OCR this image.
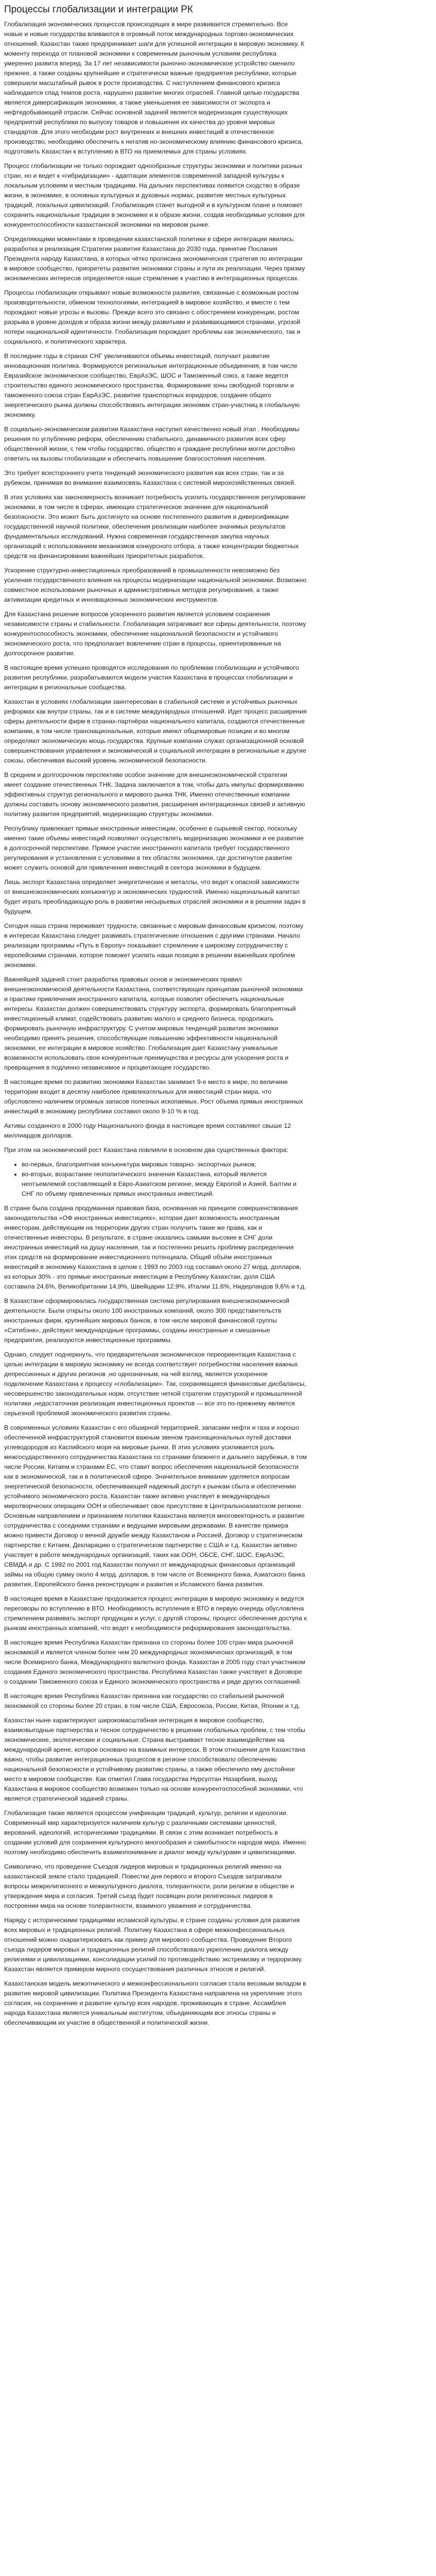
Процессы глобализации и интеграции РК

Глобализация экономических процессов происходящих в мире развивается стремительно. Все новые и новые государства вливаются в огромный поток международных торгово-экономических отношений. Казахстан также предпринимает шаги для успешной интеграции в мировую экономику. К моменту перехода от плановой экономики к современным рыночным условиям республика умеренно развита вперед. За 17 лет независимости рыночно-экономическое устройство сменило прежнее, а также созданы крупнейшие и стратегически важные предприятия республики, которые совершили масштабный рывок в росте производства. С наступлением финансового кризиса наблюдается спад темпов роста, нарушено развитие многих отраслей. Главной целью государства является диверсификация экономики, а также уменьшения ее зависимости от экспорта и нефтедобывающей отрасли. Сейчас основной задачей является модернизация существующих предприятий республики по выпуску товаров и повышения их качества до уровня мировых стандартов. Для этого необходим рост внутренних и внешних инвестиций в отечественное производство, необходимо обеспечить к негатив но-экономическому влиянию финансового кризиса, подготовить Казахстан к вступлению в ВТО на приемлемых для страны условиях.

Процесс глобализации не только порождает однообразные структуры экономики и политики разных стран, но и ведет к «гибридизации» - адаптации элементов современной западной культуры к локальным условиям и местным традициям. На дальних перспективах появится сходство в образе жизни, в экономике, в основных культурных и духовных нормах, развитие местных культурных традиций, локальных цивилизаций. Глобализация станет выгодной и в культурном плане и поможет сохранить национальные традиции в экономике и в образе жизни, создав необходимые условия для конкурентоспособности казахстанской экономики на мировом рынке.

Определяющими моментами в проведении казахстанской политики в сфере интеграции явились: разработка и реализация Стратегии развития Казахстана до 2030 года, принятие Послания Президента народу Казахстана, в которых чётко прописана экономическая стратегия по интеграции в мировое сообщество, приоритеты развития экономики страны и пути их реализации. Через призму экономических интересов определяется наше стремление к участию в интеграционных процессах.

Процессы глобализации открывают новые возможности развития, связанные с возможным ростом производительности, обменом технологиями, интеграцией в мировое хозяйство, и вместе с тем порождают новые угрозы и вызовы. Прежде всего это связано с обострением конкуренции, ростом разрыва в уровне доходов и образа жизни между развитыми и развивающимися странами, угрозой потери национальной идентичности. Глобализация порождает проблемы как экономического, так и социального, и политического характера.

В последние годы в странах СНГ увеличиваются объемы инвестиций, получает развитие инновационная политика. Формируются региональные интеграционные объединения, в том числе Евразийское экономическое сообщество, ЕврАзЭС, ШОС и Таможенный союз, а также ведется строительство единого экономического пространства. Формирование зоны свободной торговли и таможенного союза стран ЕврАзЭС, развитие транспортных коридоров, создание общего энергетического рынка должны способствовать интеграции экономик стран-участниц в глобальную экономику.

В социально-экономическом развитии Казахстана наступил качественно новый этап . Необходимы решения по углублению реформ, обеспечению стабильного, динамичного развития всех сфер общественной жизни, с тем чтобы государство, общество и граждане республики могли достойно ответить на вызовы глобализации и обеспечить повышение благосостояния населения.

Это требует всестороннего учета тенденций экономического развития как всех стран, так и за рубежом, принимая во внимание взаимосвязь Казахстана с системой мирохозяйственных связей.

В этих условиях как закономерность возникает потребность усилить государственное регулирование экономики, в том числе в сферах, имеющих стратегическое значение для национальной безопасности. Это может быть достигнуто на основе постепенного развития и диверсификации государственной научной политики, обеспечения реализации наиболее значимых результатов фундаментальных исследований. Нужна современная государственная закупка научных организаций с использованием механизмов конкурсного отбора, а также концентрации бюджетных средств на финансировании важнейших приоритетных разработок.

Ускорение структурно-инвестиционных преобразований в промышленности невозможно без усиления государственного влияния на процессы модернизации национальной экономики. Возможно совместное использование рыночных и административных методов регулирования, а также активизации кредитных и инновационных экономических инструментов.

Для Казахстана решение вопросов ускоренного развития является условием сохранения независимости страны и стабильности. Глобализация затрагивает все сферы деятельности, поэтому конкурентоспособность экономики, обеспечение национальной безопасности и устойчивого экономического роста, что предполагает вовлечение стран в процессы, ориентированные на долгосрочное развитие.

В настоящее время успешно проводятся исследования по проблемам глобализации и устойчивого развития республики, разрабатываются модели участия Казахстана в процессах глобализации и интеграции в региональные сообщества.

Казахстан в условиях глобализации заинтересован в стабильной системе и устойчивых рыночных реформах как внутри страны, так и в системе международных отношений. Идет процесс расширения сферы деятельности фирм в странах-партнёрах национального капитала, создаются отечественные компании, в том числе транснациональные, которые имеют общемировые позиции и во многом определяют экономическую мощь государства. Крупные компании служат организационной основой совершенствования управления и экономической и социальной интеграции в региональные и другие союзы, обеспечивая высокий уровень экономической безопасности.

В среднем и долгосрочном перспективе особое значение для внешнеэкономической стратегии имеет создание отечественных ТНК. Задача заключается в том, чтобы дать импульс формированию эффективных структур регионального и мирового рынка ТНК. Именно отечественные компании должны составить основу экономического развития, расширения интеграционных связей и активную политику развития предприятий, модернизацию структуры экономики.

Республику привлекает прямые иностранные инвестиции, особенно в сырьевой сектор, поскольку именно такие объемы инвестиций позволяют осуществлять модернизацию экономики и ее развитие в долгосрочной перспективе. Прямое участие иностранного капитала требует государственного регулирования и установления с условиями в тех областях экономики, где достигнутое развитие может служить основой для привлечения инвестиций в сектора экономики в будущем.

Лишь экспорт Казахстана определяет энергетические и металлы, что ведет к опасной зависимости от внешнеэкономических конъюнктур и экономических трудностей. Именно национальный капитал будет играть преобладающую роль в развитии несырьевых отраслей экономики и в решении задач в будущем.

Сегодня наша страна переживает трудности, связанные с мировым финансовым кризисом, поэтому в интересах Казахстана следует развивать стратегические отношения с другими странами. Начало реализации программы «Путь в Европу» показывает стремление к широкому сотрудничеству с европейскими странами, которое поможет усилить наши позиции в решении важнейших проблем экономики.

Важнейшей задачей стоит разработка правовых основ и экономических правил внешнеэкономической деятельности Казахстана, соответствующих принципам рыночной экономики и практике привлечения иностранного капитала, которые позволят обеспечить национальные интересы. Казахстан должен совершенствовать структуру экспорта, формировать благоприятный инвестиционный климат, содействовать развитию малого и среднего бизнеса, продолжать формировать рыночную инфраструктуру. С учетом мировых тенденций развития экономики необходимо принять решения, способствующие повышению эффективности национальной экономики, ее интеграции в мировое хозяйство. Глобализация дает Казахстану уникальные возможности использовать свои конкурентные преимущества и ресурсы для ускорения роста и превращения в подлинно независимое и процветающее государство.

В настоящее время по развитию экономики Казахстан занимает 9-е место в мире, по величине территории входит в десятку наиболее привлекательных для инвестиций стран мира, что обусловлено наличием огромных запасов полезных ископаемых. Рост объема прямых иностранных инвестиций в экономику республики составил около 9-10 % в год.

Активы созданного в 2000 году Национального фонда в настоящее время составляют свыше 12 миллиардов долларов.

При этом на экономический рост Казахстана повлияли в основном два существенных фактора:

• во-первых, благоприятная конъюнктура мировых товарно- экспортных рынков;
• во-вторых, возрастание геополитического значения Казахстана, который является неотъемлемой составляющей в Евро-Азиатском регионе, между Европой и Азией, Балтии и СНГ по объему привлеченных прямых иностранных инвестиций.

В стране была создана продуманная правовая база, основанная на принципе совершенствования законодательства «ОФ иностранных инвестициях», которая дает возможность иностранным инвесторам, действующим на территории других стран получить такие же права, как и отечественные инвесторы. В результате, в стране оказались самыми высокие в СНГ доли иностранных инвестиций на душу населения, так и постепенно решить проблему распределения этих средств на формирование инвестиционного потенциала. Общий объём иностранных инвестиций в экономику Казахстана в целом с 1993 по 2003 год составил около 27 млрд. долларов, из которых 30% - это прямые иностранные инвестиции в Республику Казахстан, доля США составила 24,6%, Великобритании 14,9%, Швейцарии 12,9%, Италии 11,6%, Нидерландов 9,6% и т.д.

В Казахстане сформировалась государственная система регулирования внешнеэкономической деятельности. Были открыты около 100 иностранных компаний, около 300 представительств иностранных фирм, крупнейших мировых банков, в том числе мировой финансовой группы «Ситибэнк», действуют международные программы, созданы иностранные и смешанные предприятия, реализуются инвестиционные программы.

Однако, следует подчеркнуть, что предварительная экономическое переориентация Казахстана с целью интеграции в мировую экономику не всегда соответствует потребностям населения важных депрессионных и других регионов ,но однозначным, на чей взгляд, является ускоренное подключение Казахстана к процессу «глобализации». Так, сохраняющиеся финансовые дисбалансы, несовершенство законодательных норм, отсутствие четкой стратегии структурной и промышленной политики ,недостаточная реализация инвестиционных проектов — все это по-прежнему является серьезной проблемой экономического развития страны.

В современных условиях Казахстан с его обширной территорией, запасами нефти и газа и хорошо обеспеченной инфраструктурой становится важным звеном транснациональных путей доставки углеводородов из Каспийского моря на мировые рынки. В этих условиях усиливается роль межгосударственного сотрудничества Казахстана со странами ближнего и дальнего зарубежья, в том числе России, Китаем и странами ЕС, что ставит вопрос обеспечения национальной безопасности как в экономической, так и в политической сфере. Значительное внимание уделяется вопросам энергетической безопасности, обеспечивающей надежный доступ к рынкам сбыта и обеспечению устойчивого экономического роста. Казахстан также активно участвует в международных миротворческих операциях ООН и обеспечивает свое присутствие в Центральноазиатском регионе. Основным направлением и признанием политики Казахстана является многовекторность и развитие сотрудничества с соседними странами и ведущими мировыми державами. В качестве примера можно привести Договор о вечной дружбе между Казахстаном и Россией, Договор о стратегическом партнерстве с Китаем, Декларацию о стратегическом партнерстве с США и т.д. Казахстан активно участвует в работе международных организаций, таких как ООН, ОБСЕ, СНГ, ШОС, ЕврАзЭС, СВМДА и др. С 1992 по 2001 год Казахстан получил от международных финансовых организаций займы на общую сумму около 4 млрд. долларов, в том числе от Всемирного банка, Азиатского банка развития, Европейского банка реконструкции и развития и Исламского банка развития.

В настоящее время в Казахстане продолжается процесс интеграции в мировую экономику и ведутся переговоры по вступлению в ВТО. Необходимость вступления в ВТО в первую очередь обусловлена стремлением развивать экспорт продукции и услуг, с другой стороны, процесс обеспечения доступа к рынкам иностранных компаний, что ведет к необходимости реформирования законодательства.

В настоящее время Республика Казахстан признана со стороны более 100 стран мира рыночной экономикой и является членом более чем 20 международных экономических организаций, в том числе Всемирного банка, Международного валютного фонда. Казахстан в 2005 году стал участником создания Единого экономического пространства. Республика Казахстан также участвует в Договоре о создании Таможенного союза и Единого экономического пространства и ряде других соглашений.

В настоящее время Республика Казахстан признана как государство со стабильной рыночной экономикой со стороны более 20 стран, в том числе США, Евросоюза, России, Китая, Японии и т.д.

Казахстан ныне характеризуют широкомасштабная интеграция в мировое сообщество, взаимовыгодные партнерства и тесное сотрудничество в решении глобальных проблем, с тем чтобы экономические, экологические и социальные. Страна выстраивает тесное взаимодействие на международной арене, которое основано на взаимных интересах. В этом отношении для Казахстана важно, чтобы развитие интеграционных процессов в регионе способствовало обеспечению национальной безопасности и устойчивому развитию страны, а также обеспечило ему достойное место в мировом сообществе. Как отметил Глава государства Нурсултан Назарбаев, выход Казахстана в мировое сообщество возможен только на основе конкурентоспособной экономики, что является стратегической задачей страны.

Глобализация также является процессом унификации традиций, культур, религии и идеологии. Современный мир характеризуется наличием культур с различными системами ценностей, верований, идеологий, историческими традициями. В связи с этим возникает потребность в создании условий для сохранения культурного многообразия и самобытности народов мира. Именно поэтому необходимо обеспечить взаимопонимание и диалог между культурами и цивилизациями.

Символично, что проведение Съездов лидеров мировых и традиционных религий именно на казахстанской земле стало традицией. Повестки дня первого и второго Съездов затрагивали вопросы межрелигиозного и межкультурного диалога, толерантности, роли религии в обществе и утверждения мира и согласия. Третий съезд будет посвящен роли религиозных лидеров в построении мира на основе толерантности, взаимного уважения и сотрудничества.

Наряду с историческими традициями исламской культуры, в стране созданы условия для развития всех мировых и традиционных религий. Политику Казахстана в сфере межконфессиональных отношений можно охарактеризовать как пример для мирового сообщества. Проведение Второго съезда лидеров мировых и традиционных религий способствовало укреплению диалога между религиями и цивилизациями, консолидации усилий по противодействию экстремизму и терроризму. Казахстан является примером мирного сосуществования различных этносов и религий.

Казахстанская модель межэтнического и межконфессионального согласия стала весомым вкладом в развитие мировой цивилизации. Политика Президента Казахстана направлена на укрепление этого согласия, на сохранение и развитие культур всех народов, проживающих в стране. Ассамблея народа Казахстана является уникальным институтом, объединяющим все этносы страны и обеспечивающим их участие в общественной и политической жизни.
